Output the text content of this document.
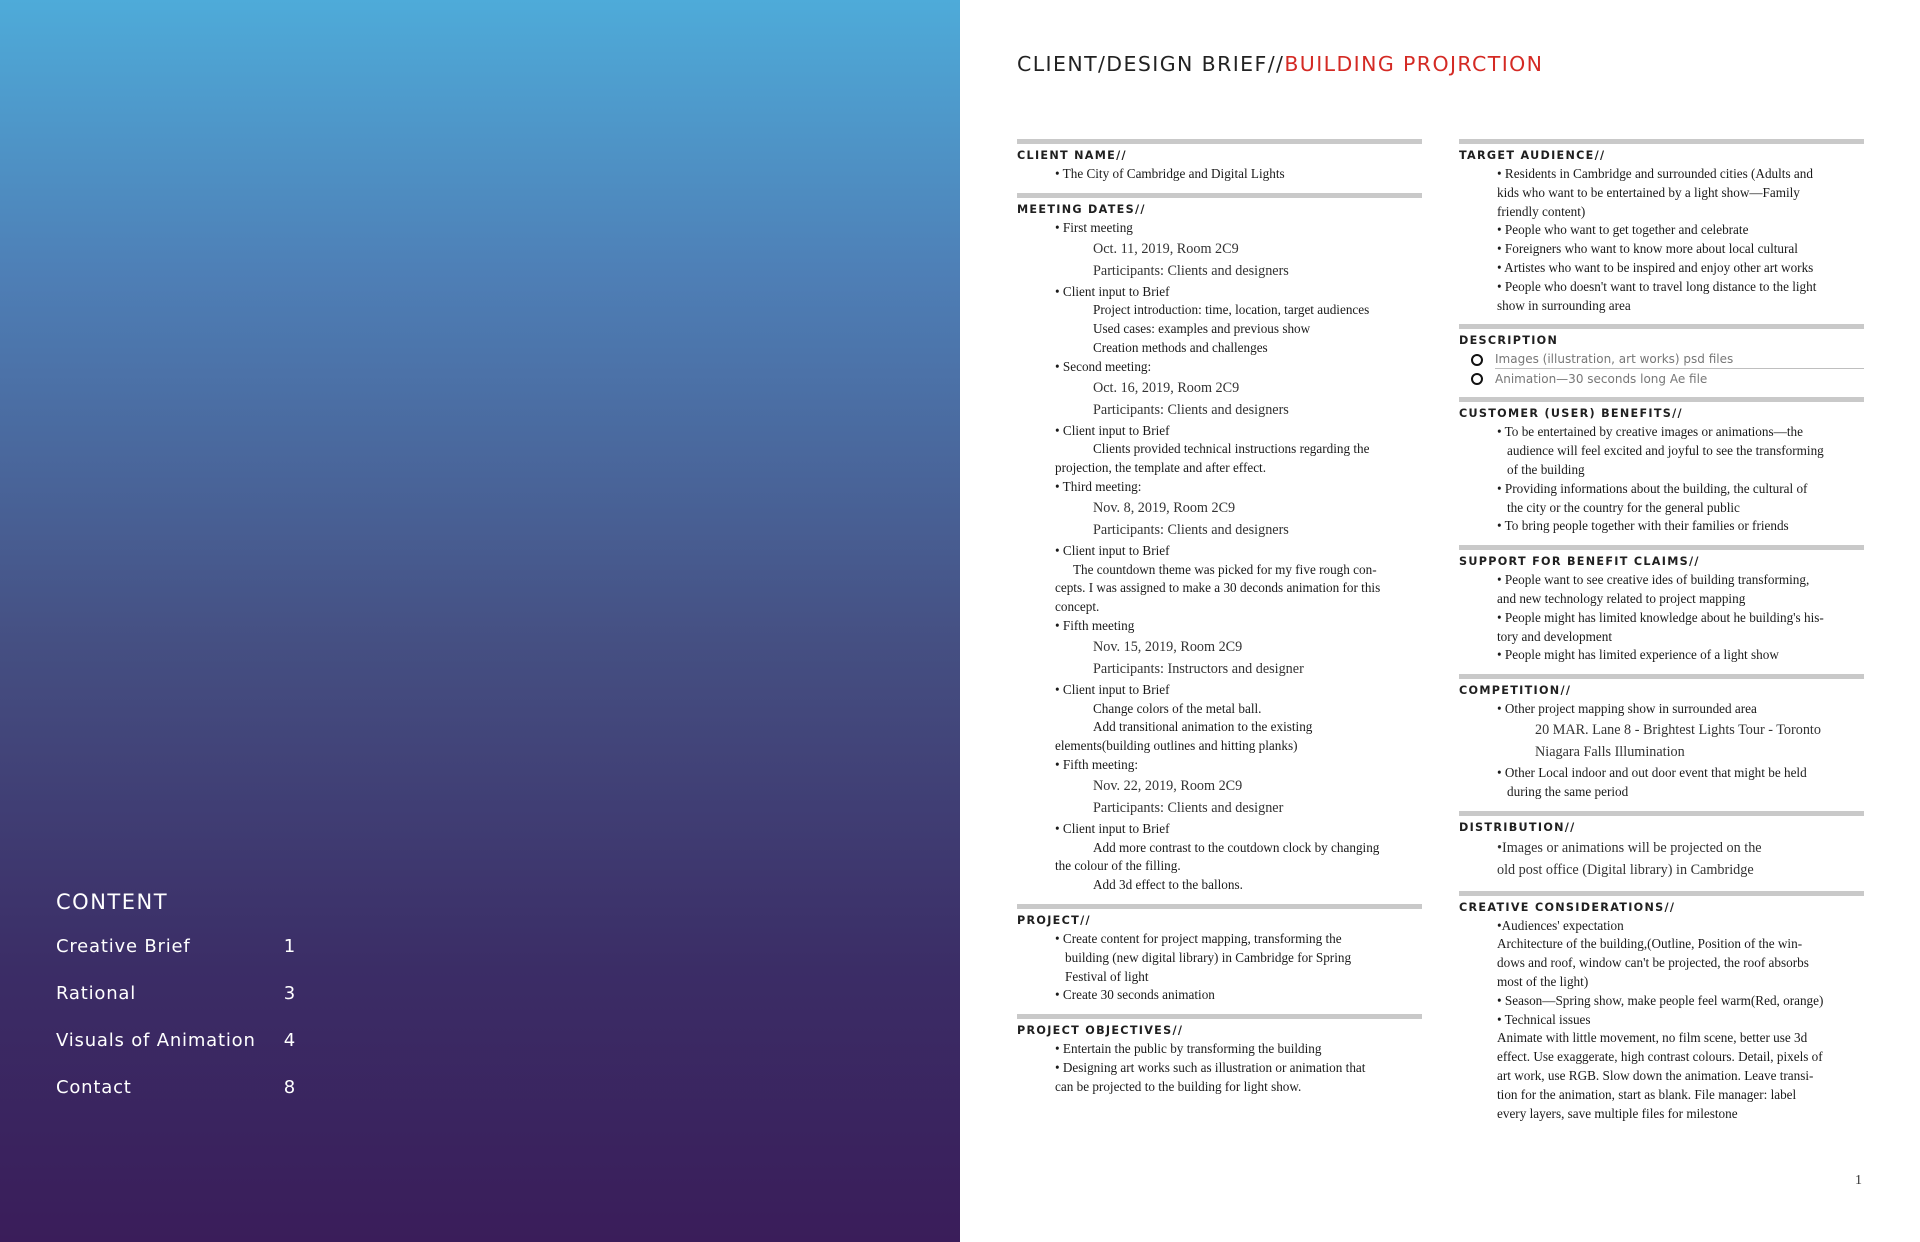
CONTENT
Creative Brief	1
Rational	3
Visuals of Animation 4
Contact	8
CLIENT/DESIGN BRIEF//BUILDING PROJRCTION
CLIENT NAME//
• The City of Cambridge and Digital Lights
MEETING DATES//
• First meeting
Oct. 11, 2019, Room 2C9
Participants: Clients and designers
• Client input to Brief
Project introduction: time, location, target audiences
Used cases: examples and previous show
Creation methods and challenges
• Second meeting:
Oct. 16, 2019, Room 2C9
Participants: Clients and designers
• Client input to Brief
Clients provided technical instructions regarding the
projection, the template and after effect.
• Third meeting:
Nov. 8, 2019, Room 2C9
Participants: Clients and designers
• Client input to Brief
The countdown theme was picked for my five rough con-
cepts. I was assigned to make a 30 deconds animation for this
concept.
• Fifth meeting
Nov. 15, 2019, Room 2C9
Participants: Instructors and designer
• Client input to Brief
Change colors of the metal ball.
Add transitional animation to the existing
elements(building outlines and hitting planks)
• Fifth meeting:
Nov. 22, 2019, Room 2C9
Participants: Clients and designer
• Client input to Brief
Add more contrast to the coutdown clock by changing
the colour of the filling.
Add 3d effect to the ballons.
PROJECT//
• Create content for project mapping, transforming the
building (new digital library) in Cambridge for Spring
Festival of light
• Create 30 seconds animation
PROJECT OBJECTIVES//
• Entertain the public by transforming the building
• Designing art works such as illustration or animation that
can be projected to the building for light show.
TARGET AUDIENCE//
• Residents in Cambridge and surrounded cities (Adults and
kids who want to be entertained by a light show—Family
friendly content)
• People who want to get together and celebrate
• Foreigners who want to know more about local cultural
• Artistes who want to be inspired and enjoy other art works
• People who doesn't want to travel long distance to the light
show in surrounding area
DESCRIPTION
Images (illustration, art works) psd files
Animation—30 seconds long Ae file
CUSTOMER (USER) BENEFITS//
• To be entertained by creative images or animations—the
audience will feel excited and joyful to see the transforming
of the building
• Providing informations about the building, the cultural of
the city or the country for the general public
• To bring people together with their families or friends
SUPPORT FOR BENEFIT CLAIMS//
• People want to see creative ides of building transforming,
and new technology related to project mapping
• People might has limited knowledge about he building's his-
tory and development
• People might has limited experience of a light show
COMPETITION//
• Other project mapping show in surrounded area
20 MAR. Lane 8 - Brightest Lights Tour - Toronto
Niagara Falls Illumination
• Other Local indoor and out door event that might be held
during the same period
DISTRIBUTION//
•Images or animations will be projected on the
old post office (Digital library) in Cambridge
CREATIVE CONSIDERATIONS//
•Audiences' expectation
Architecture of the building,(Outline, Position of the win-
dows and roof, window can't be projected, the roof absorbs
most of the light)
• Season—Spring show, make people feel warm(Red, orange)
• Technical issues
Animate with little movement, no film scene, better use 3d
effect. Use exaggerate, high contrast colours. Detail, pixels of
art work, use RGB. Slow down the animation. Leave transi-
tion for the animation, start as blank. File manager: label
every layers, save multiple files for milestone
1
